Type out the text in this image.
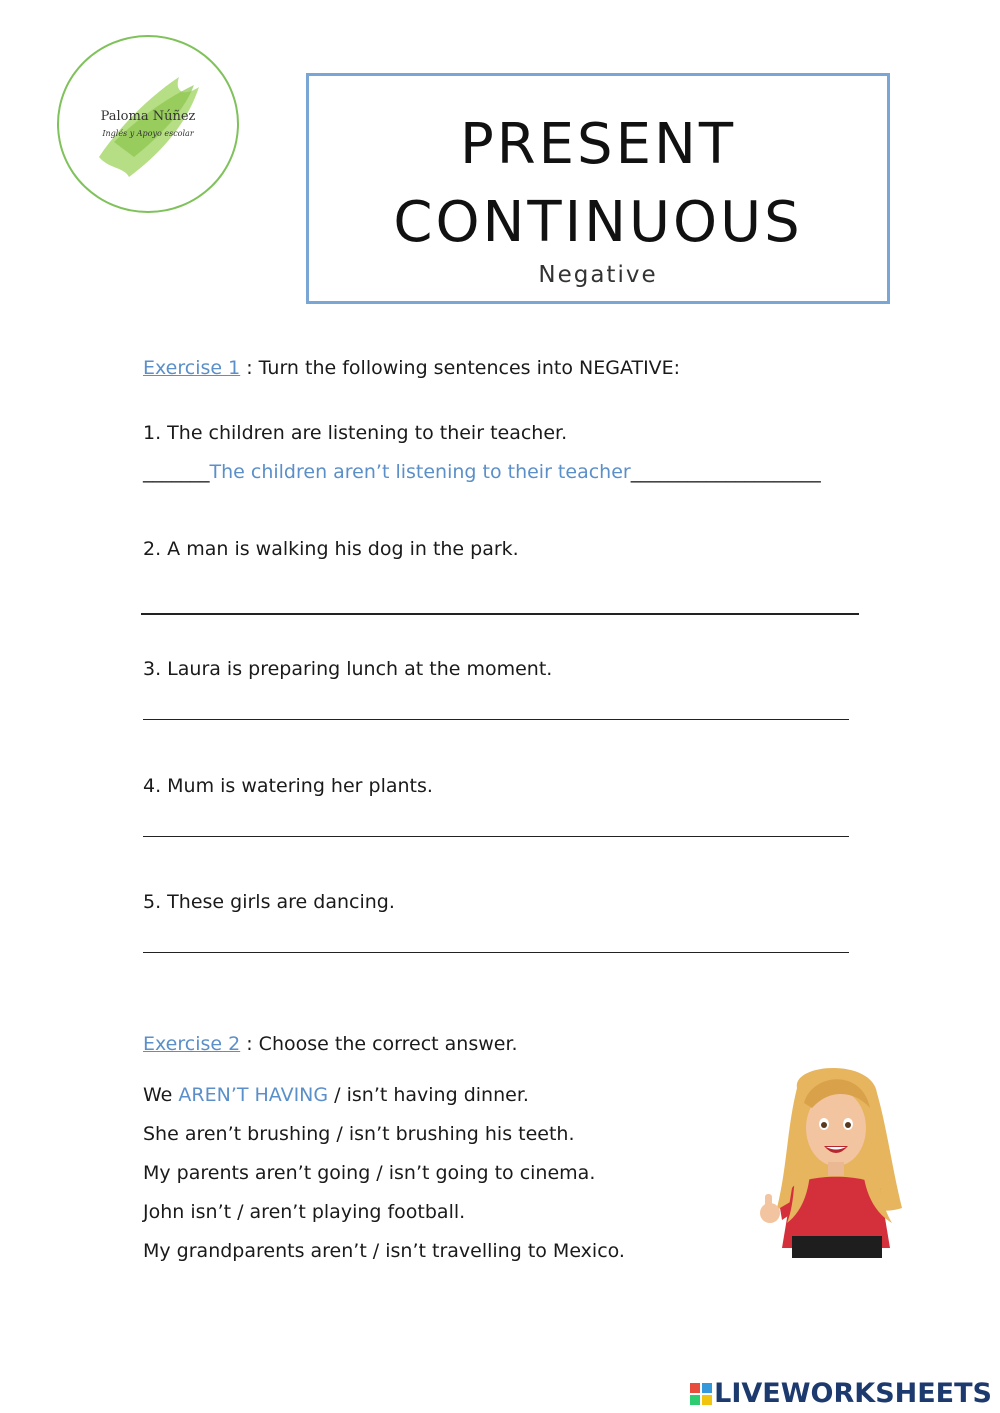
Paloma Núñez
Inglés y Apoyo escolar	PRESENT
CONTINUOUS
Negative
Exercise 1 : Turn the following sentences into NEGATIVE:
1. The children are listening to their teacher.
_______The children aren’t listening to their teacher____________________
2. A man is walking his dog in the park.
3. Laura is preparing lunch at the moment.
4. Mum is watering her plants.
5. These girls are dancing.
Exercise 2 : Choose the correct answer.
We AREN’T HAVING / isn’t having dinner.
She aren’t brushing / isn’t brushing his teeth.
My parents aren’t going / isn’t going to cinema.
John isn’t / aren’t playing football.
My grandparents aren’t / isn’t travelling to Mexico.
LIVEWORKSHEETS
